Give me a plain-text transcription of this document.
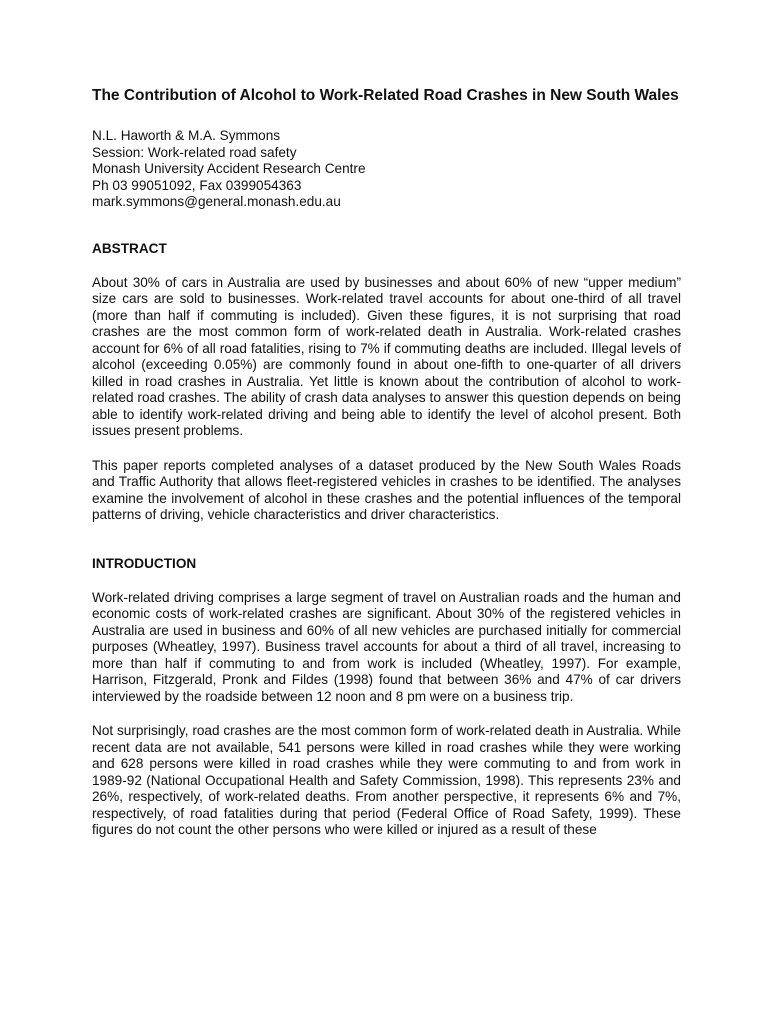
The Contribution of Alcohol to Work-Related Road Crashes in New South Wales
N.L. Haworth & M.A. Symmons
Session: Work-related road safety
Monash University Accident Research Centre
Ph 03 99051092, Fax 0399054363
mark.symmons@general.monash.edu.au
ABSTRACT

About 30% of cars in Australia are used by businesses and about 60% of new “upper medium” size cars are sold to businesses. Work-related travel accounts for about one-third of all travel (more than half if commuting is included). Given these figures, it is not surprising that road crashes are the most common form of work-related death in Australia. Work-related crashes account for 6% of all road fatalities, rising to 7% if commuting deaths are included. Illegal levels of alcohol (exceeding 0.05%) are commonly found in about one-fifth to one-quarter of all drivers killed in road crashes in Australia. Yet little is known about the contribution of alcohol to work-related road crashes. The ability of crash data analyses to answer this question depends on being able to identify work-related driving and being able to identify the level of alcohol present. Both issues present problems.

This paper reports completed analyses of a dataset produced by the New South Wales Roads and Traffic Authority that allows fleet-registered vehicles in crashes to be identified. The analyses examine the involvement of alcohol in these crashes and the potential influences of the temporal patterns of driving, vehicle characteristics and driver characteristics.

INTRODUCTION

Work-related driving comprises a large segment of travel on Australian roads and the human and economic costs of work-related crashes are significant. About 30% of the registered vehicles in Australia are used in business and 60% of all new vehicles are purchased initially for commercial purposes (Wheatley, 1997). Business travel accounts for about a third of all travel, increasing to more than half if commuting to and from work is included (Wheatley, 1997). For example, Harrison, Fitzgerald, Pronk and Fildes (1998) found that between 36% and 47% of car drivers interviewed by the roadside between 12 noon and 8 pm were on a business trip.

Not surprisingly, road crashes are the most common form of work-related death in Australia. While recent data are not available, 541 persons were killed in road crashes while they were working and 628 persons were killed in road crashes while they were commuting to and from work in 1989-92 (National Occupational Health and Safety Commission, 1998). This represents 23% and 26%, respectively, of work-related deaths. From another perspective, it represents 6% and 7%, respectively, of road fatalities during that period (Federal Office of Road Safety, 1999). These figures do not count the other persons who were killed or injured as a result of these
